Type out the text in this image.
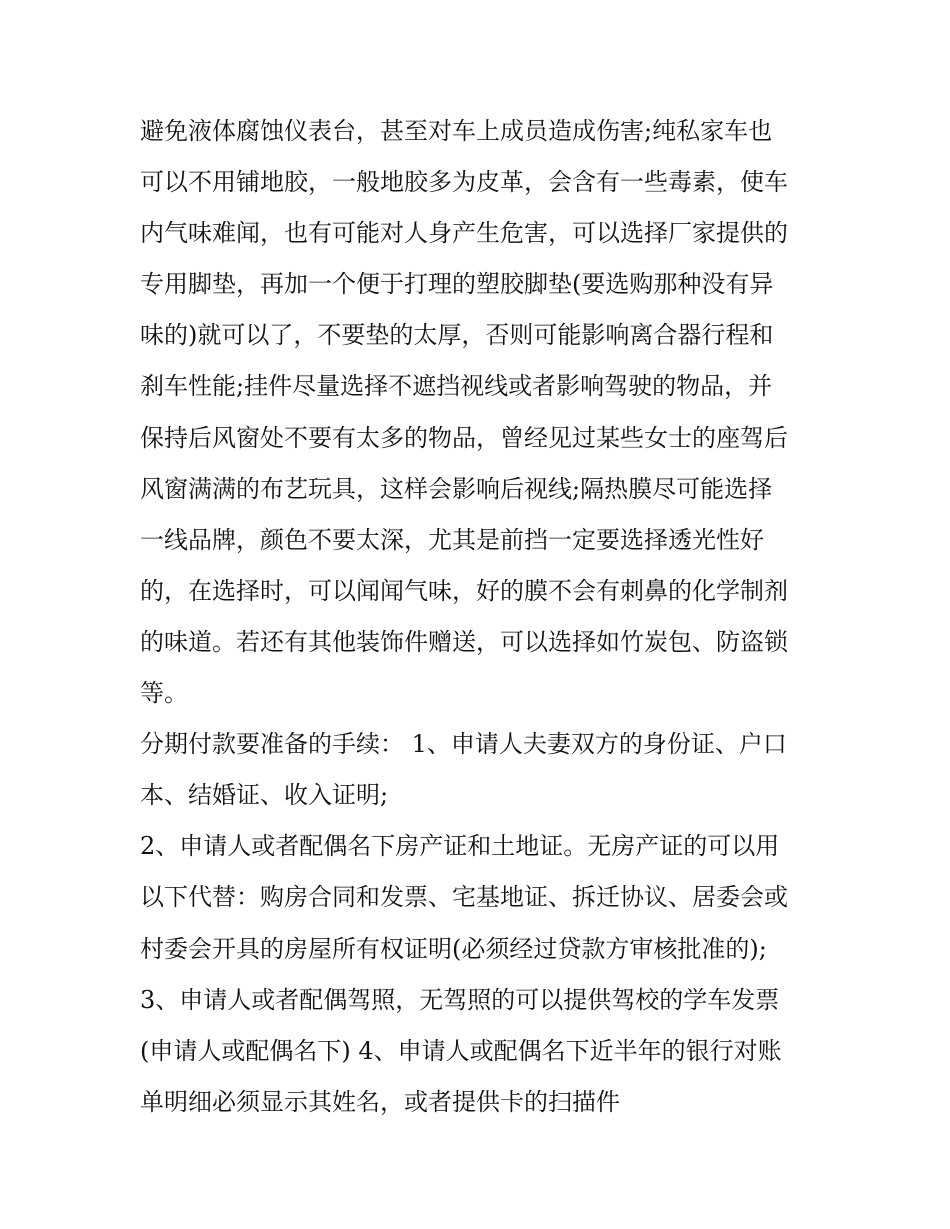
避免液体腐蚀仪表台，甚至对车上成员造成伤害;纯私家车也
可以不用铺地胶，一般地胶多为皮革，会含有一些毒素，使车
内气味难闻，也有可能对人身产生危害，可以选择厂家提供的
专用脚垫，再加一个便于打理的塑胶脚垫(要选购那种没有异
味的)就可以了，不要垫的太厚，否则可能影响离合器行程和
刹车性能;挂件尽量选择不遮挡视线或者影响驾驶的物品，并
保持后风窗处不要有太多的物品，曾经见过某些女士的座驾后
风窗满满的布艺玩具，这样会影响后视线;隔热膜尽可能选择
一线品牌，颜色不要太深，尤其是前挡一定要选择透光性好
的，在选择时，可以闻闻气味，好的膜不会有刺鼻的化学制剂
的味道。若还有其他装饰件赠送，可以选择如竹炭包、防盗锁
等。
分期付款要准备的手续： 1、申请人夫妻双方的身份证、户口
本、结婚证、收入证明;
2、申请人或者配偶名下房产证和土地证。无房产证的可以用
以下代替：购房合同和发票、宅基地证、拆迁协议、居委会或
村委会开具的房屋所有权证明(必须经过贷款方审核批准的);
3、申请人或者配偶驾照，无驾照的可以提供驾校的学车发票
(申请人或配偶名下) 4、申请人或配偶名下近半年的银行对账
单明细必须显示其姓名，或者提供卡的扫描件
